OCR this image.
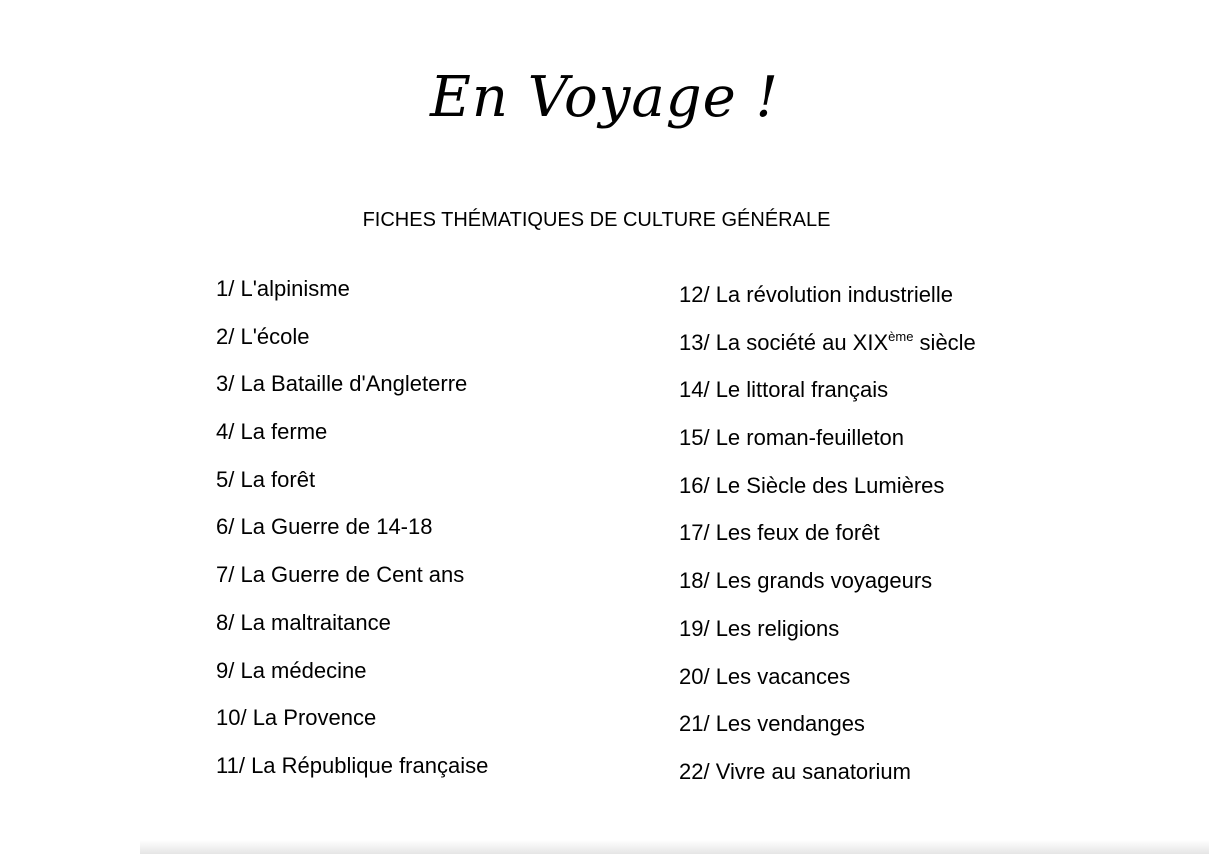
En Voyage !
FICHES THÉMATIQUES DE CULTURE GÉNÉRALE
1/ L'alpinisme
2/ L'école
3/ La Bataille d'Angleterre
4/ La ferme
5/ La forêt
6/ La Guerre de 14-18
7/ La Guerre de Cent ans
8/ La maltraitance
9/ La médecine
10/ La Provence
11/ La République française
12/ La révolution industrielle
13/ La société au XIXème siècle
14/ Le littoral français
15/ Le roman-feuilleton
16/ Le Siècle des Lumières
17/ Les feux de forêt
18/ Les grands voyageurs
19/ Les religions
20/ Les vacances
21/ Les vendanges
22/ Vivre au sanatorium
